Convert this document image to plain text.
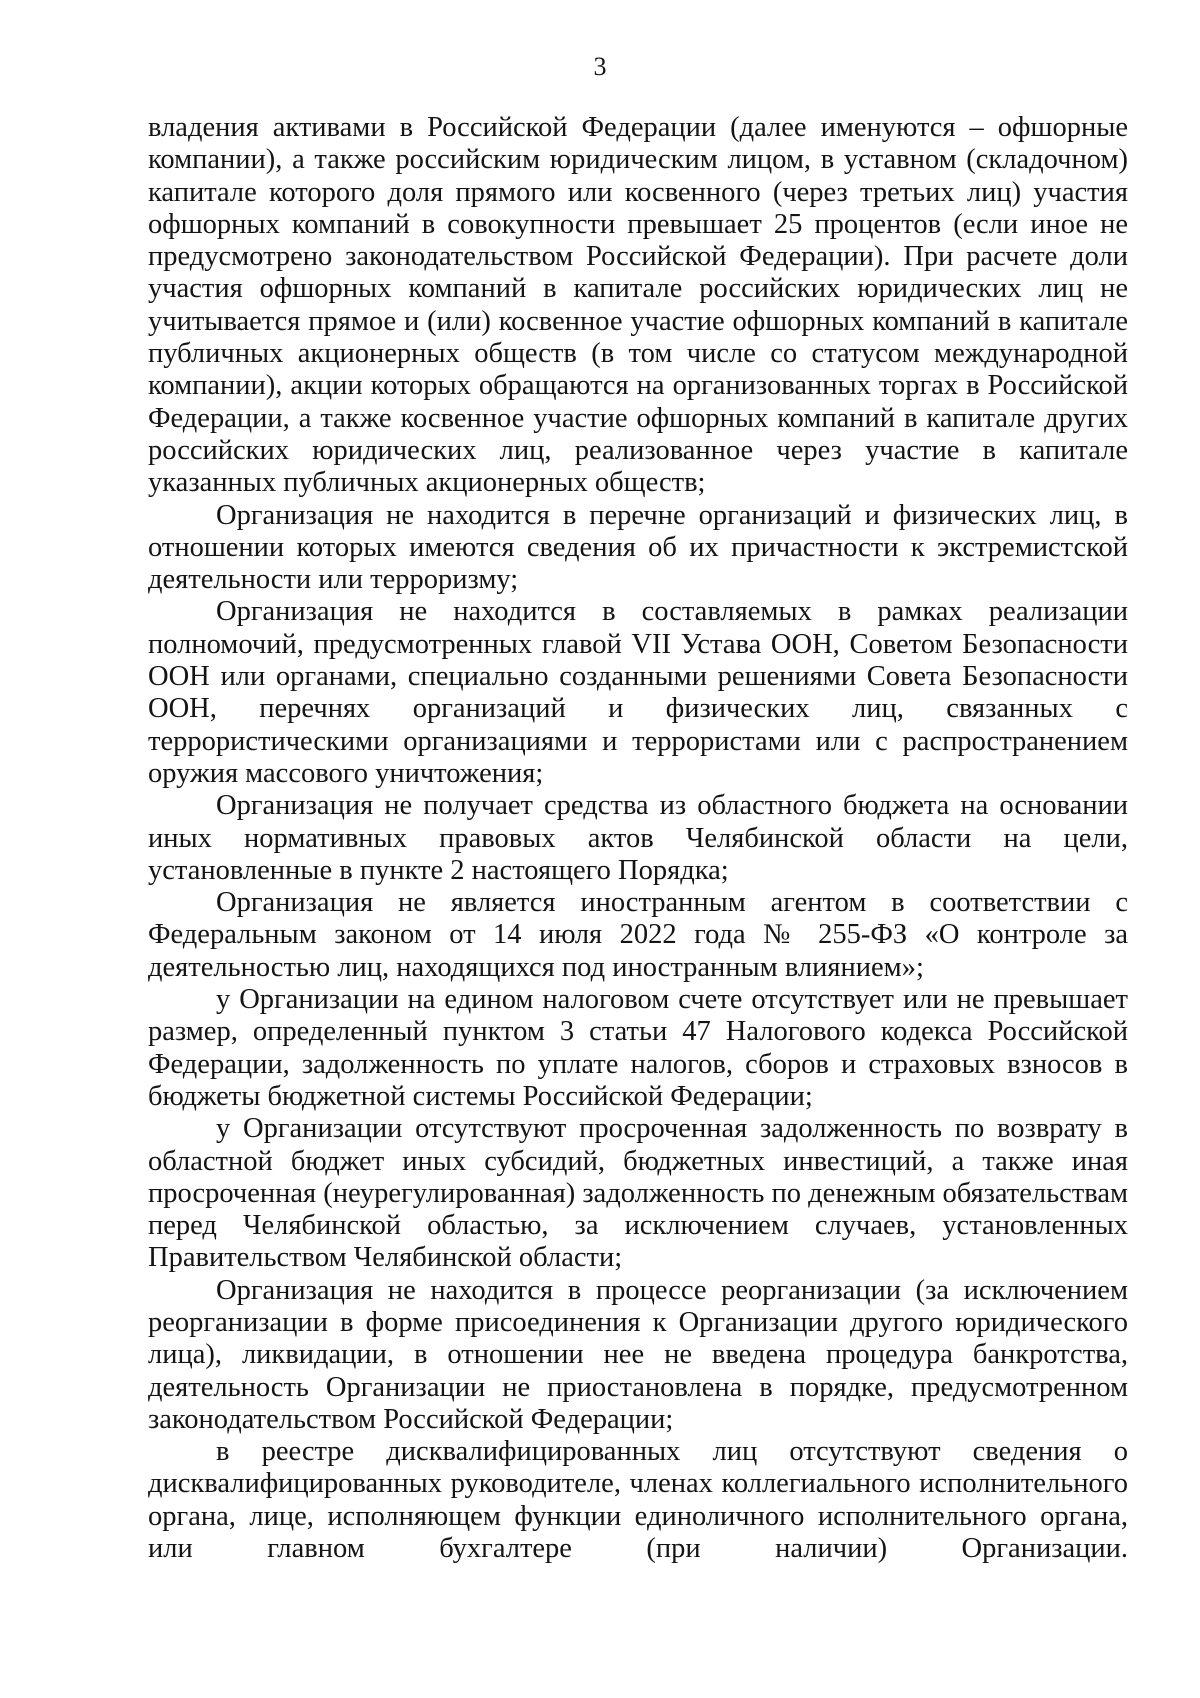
3

владения активами в Российской Федерации (далее именуются – офшорные компании), а также российским юридическим лицом, в уставном (складочном) капитале которого доля прямого или косвенного (через третьих лиц) участия офшорных компаний в совокупности превышает 25 процентов (если иное не предусмотрено законодательством Российской Федерации). При расчете доли участия офшорных компаний в капитале российских юридических лиц не учитывается прямое и (или) косвенное участие офшорных компаний в капитале публичных акционерных обществ (в том числе со статусом международной компании), акции которых обращаются на организованных торгах в Российской Федерации, а также косвенное участие офшорных компаний в капитале других российских юридических лиц, реализованное через участие в капитале указанных публичных акционерных обществ;

Организация не находится в перечне организаций и физических лиц, в отношении которых имеются сведения об их причастности к экстремистской деятельности или терроризму;

Организация не находится в составляемых в рамках реализации полномочий, предусмотренных главой VII Устава ООН, Советом Безопасности ООН или органами, специально созданными решениями Совета Безопасности ООН, перечнях организаций и физических лиц, связанных с террористическими организациями и террористами или с распространением оружия массового уничтожения;

Организация не получает средства из областного бюджета на основании иных нормативных правовых актов Челябинской области на цели, установленные в пункте 2 настоящего Порядка;

Организация не является иностранным агентом в соответствии с Федеральным законом от 14 июля 2022 года № 255-ФЗ «О контроле за деятельностью лиц, находящихся под иностранным влиянием»;

у Организации на едином налоговом счете отсутствует или не превышает размер, определенный пунктом 3 статьи 47 Налогового кодекса Российской Федерации, задолженность по уплате налогов, сборов и страховых взносов в бюджеты бюджетной системы Российской Федерации;

у Организации отсутствуют просроченная задолженность по возврату в областной бюджет иных субсидий, бюджетных инвестиций, а также иная просроченная (неурегулированная) задолженность по денежным обязательствам перед Челябинской областью, за исключением случаев, установленных Правительством Челябинской области;

Организация не находится в процессе реорганизации (за исключением реорганизации в форме присоединения к Организации другого юридического лица), ликвидации, в отношении нее не введена процедура банкротства, деятельность Организации не приостановлена в порядке, предусмотренном законодательством Российской Федерации;

в реестре дисквалифицированных лиц отсутствуют сведения о дисквалифицированных руководителе, членах коллегиального исполнительного органа, лице, исполняющем функции единоличного исполнительного органа, или главном бухгалтере (при наличии) Организации.
